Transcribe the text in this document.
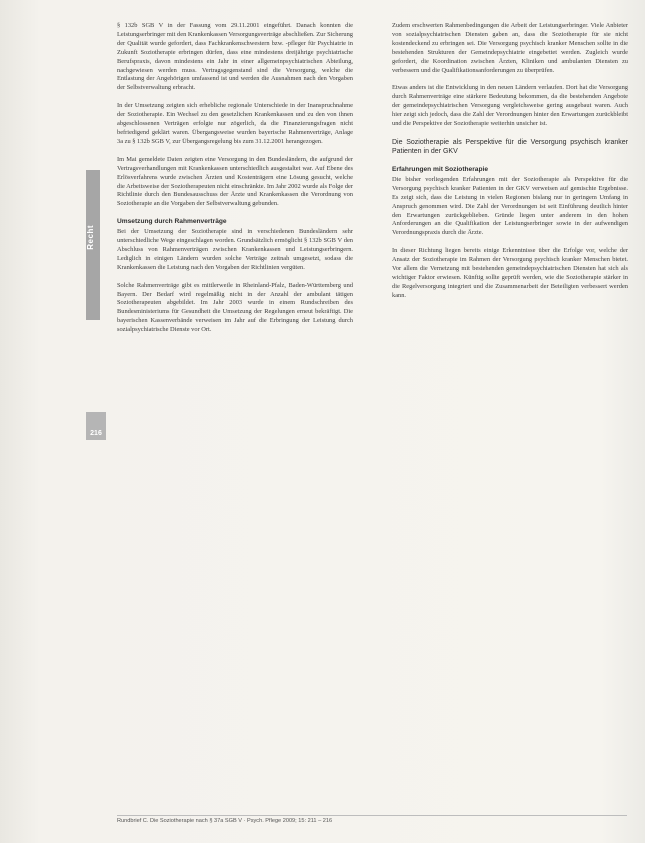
Recht
216

§ 132b SGB V in der Fassung vom 29.11.2001 eingeführt. Danach konnten die Leistungserbringer mit den Krankenkassen Versorgungsverträge abschließen. Zur Sicherung der Qualität wurde gefordert, dass Fachkrankenschwestern bzw. -pfleger für Psychiatrie in Zukunft Soziotherapie erbringen dürfen, dass eine mindestens dreijährige psychiatrische Berufspraxis, davon mindestens ein Jahr in einer allgemeinpsychiatrischen Abteilung, nachgewiesen werden muss. Vertragsgegenstand sind die Versorgung, welche die Entlastung der Angehörigen umfassend ist und werden die Ausnahmen nach den Vorgaben der Selbstverwaltung erbracht.

In der Umsetzung zeigten sich erhebliche regionale Unterschiede in der Inanspruchnahme der Soziotherapie. Ein Wechsel zu den gesetzlichen Krankenkassen und zu den von ihnen abgeschlossenen Verträgen erfolgte nur zögerlich, da die Finanzierungsfragen nicht befriedigend geklärt waren. Übergangsweise wurden bayerische Rahmenverträge, Anlage 3a zu § 132b SGB V, zur Übergangsregelung bis zum 31.12.2001 herangezogen.

Im Mai gemeldete Daten zeigten eine Versorgung in den Bundesländern, die aufgrund der Vertragsverhandlungen mit Krankenkassen unterschiedlich ausgestaltet war. Auf Ebene des Erlösverfahrens wurde zwischen Ärzten und Kostenträgern eine Lösung gesucht, welche die Arbeitsweise der Soziotherapeuten nicht einschränkte. Im Jahr 2002 wurde als Folge der Richtlinie durch den Bundesausschuss der Ärzte und Krankenkassen die Verordnung von Soziotherapie an die Vorgaben der Selbstverwaltung gebunden.

Umsetzung durch Rahmenverträge

Bei der Umsetzung der Soziotherapie sind in verschiedenen Bundesländern sehr unterschiedliche Wege eingeschlagen worden. Grundsätzlich ermöglicht § 132b SGB V den Abschluss von Rahmenverträgen zwischen Krankenkassen und Leistungserbringern. Lediglich in einigen Ländern wurden solche Verträge zeitnah umgesetzt, sodass die Krankenkassen die Leistung nach den Vorgaben der Richtlinien vergüten.

Solche Rahmenverträge gibt es mittlerweile in Rheinland-Pfalz, Baden-Württemberg und Bayern. Der Bedarf wird regelmäßig nicht in der Anzahl der ambulant tätigen Soziotherapeuten abgebildet. Im Jahr 2003 wurde in einem Rundschreiben des Bundesministeriums für Gesundheit die Umsetzung der Regelungen erneut bekräftigt. Die bayerischen Kassenverbände verweisen im Jahr auf die Erbringung der Leistung durch sozialpsychiatrische Dienste vor Ort.

Zudem erschwerten Rahmenbedingungen die Arbeit der Leistungserbringer. Viele Anbieter von sozialpsychiatrischen Diensten gaben an, dass die Soziotherapie für sie nicht kostendeckend zu erbringen sei. Die Versorgung psychisch kranker Menschen sollte in die bestehenden Strukturen der Gemeindepsychiatrie eingebettet werden. Zugleich wurde gefordert, die Koordination zwischen Ärzten, Kliniken und ambulanten Diensten zu verbessern und die Qualifikationsanforderungen zu überprüfen.

Etwas anders ist die Entwicklung in den neuen Ländern verlaufen. Dort hat die Versorgung durch Rahmenverträge eine stärkere Bedeutung bekommen, da die bestehenden Angebote der gemeindepsychiatrischen Versorgung vergleichsweise gering ausgebaut waren. Auch hier zeigt sich jedoch, dass die Zahl der Verordnungen hinter den Erwartungen zurückbleibt und die Perspektive der Soziotherapie weiterhin unsicher ist.

Die Soziotherapie als Perspektive für die Versorgung psychisch kranker Patienten in der GKV
Erfahrungen mit Soziotherapie

Die bisher vorliegenden Erfahrungen mit der Soziotherapie als Perspektive für die Versorgung psychisch kranker Patienten in der GKV verweisen auf gemischte Ergebnisse. Es zeigt sich, dass die Leistung in vielen Regionen bislang nur in geringem Umfang in Anspruch genommen wird. Die Zahl der Verordnungen ist seit Einführung deutlich hinter den Erwartungen zurückgeblieben. Gründe liegen unter anderem in den hohen Anforderungen an die Qualifikation der Leistungserbringer sowie in der aufwendigen Verordnungspraxis durch die Ärzte.

In dieser Richtung liegen bereits einige Erkenntnisse über die Erfolge vor, welche der Ansatz der Soziotherapie im Rahmen der Versorgung psychisch kranker Menschen bietet. Vor allem die Vernetzung mit bestehenden gemeindepsychiatrischen Diensten hat sich als wichtiger Faktor erwiesen. Künftig sollte geprüft werden, wie die Soziotherapie stärker in die Regelversorgung integriert und die Zusammenarbeit der Beteiligten verbessert werden kann.

Rundbrief C. Die Soziotherapie nach § 37a SGB V · Psych. Pflege 2009; 15: 211 – 216
